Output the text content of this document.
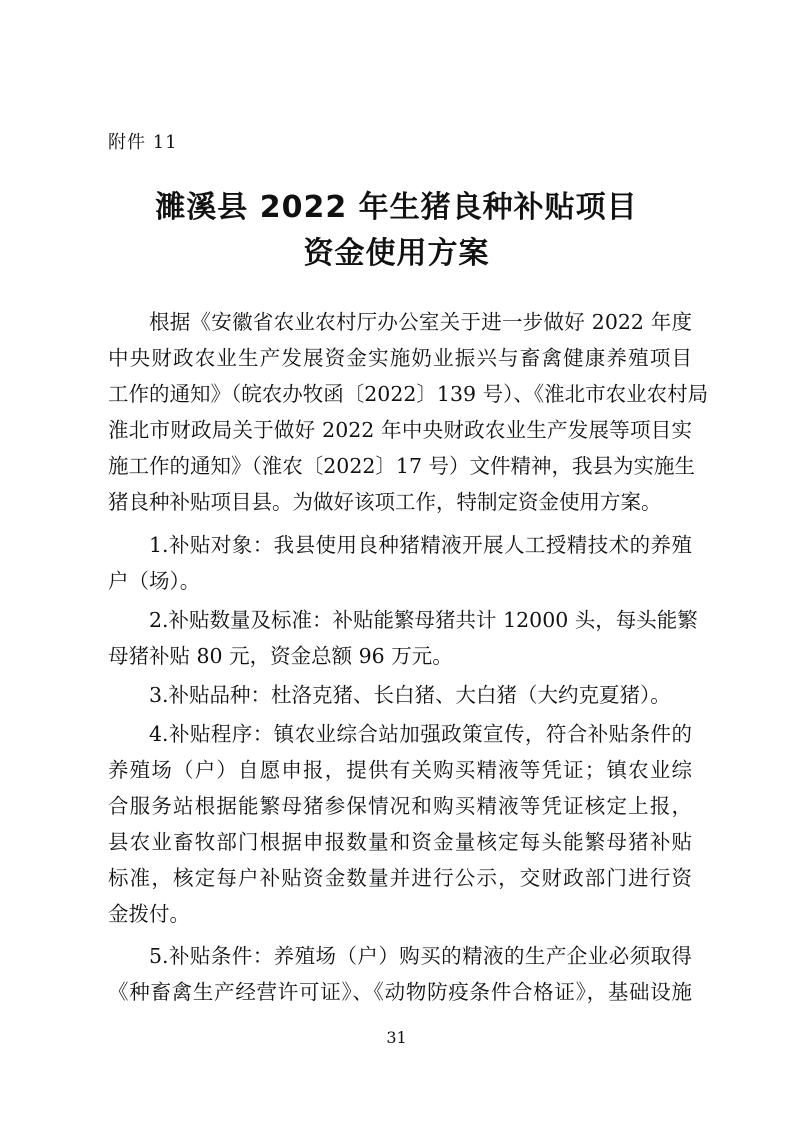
附件 11
濉溪县 2022 年生猪良种补贴项目
资金使用方案
根据《安徽省农业农村厅办公室关于进一步做好 2022 年度
中央财政农业生产发展资金实施奶业振兴与畜禽健康养殖项目
工作的通知》（皖农办牧函〔2022〕139 号）、《淮北市农业农村局
淮北市财政局关于做好 2022 年中央财政农业生产发展等项目实
施工作的通知》（淮农〔2022〕17 号）文件精神，我县为实施生
猪良种补贴项目县。为做好该项工作，特制定资金使用方案。
1.补贴对象：我县使用良种猪精液开展人工授精技术的养殖
户（场）。
2.补贴数量及标准：补贴能繁母猪共计 12000 头，每头能繁
母猪补贴 80 元，资金总额 96 万元。
3.补贴品种：杜洛克猪、长白猪、大白猪（大约克夏猪）。
4.补贴程序：镇农业综合站加强政策宣传，符合补贴条件的
养殖场（户）自愿申报，提供有关购买精液等凭证；镇农业综
合服务站根据能繁母猪参保情况和购买精液等凭证核定上报，
县农业畜牧部门根据申报数量和资金量核定每头能繁母猪补贴
标准，核定每户补贴资金数量并进行公示，交财政部门进行资
金拨付。
5.补贴条件：养殖场（户）购买的精液的生产企业必须取得
《种畜禽生产经营许可证》、《动物防疫条件合格证》，基础设施
31
